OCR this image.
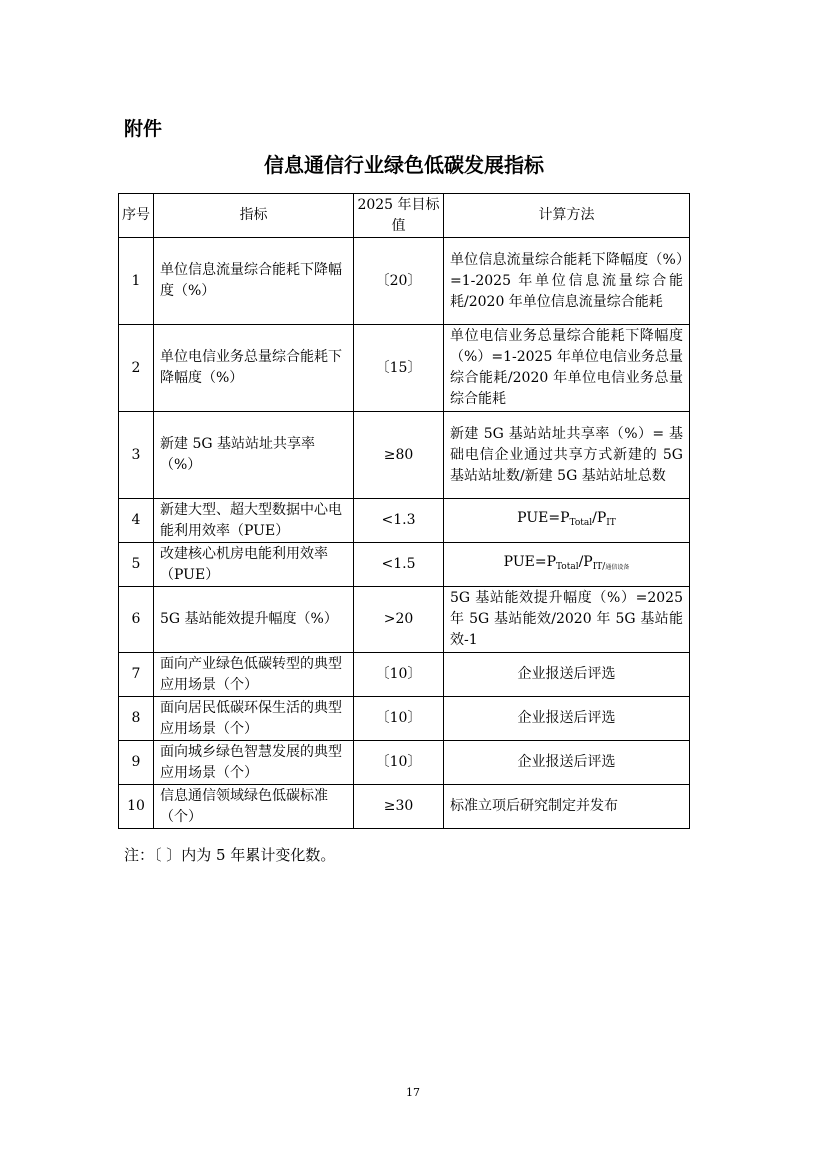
附件
信息通信行业绿色低碳发展指标
序号	指标	2025 年目标值	计算方法
1	单位信息流量综合能耗下降幅度（%）	〔20〕	单位信息流量综合能耗下降幅度（%）=1-2025 年单位信息流量综合能耗/2020 年单位信息流量综合能耗
2	单位电信业务总量综合能耗下降幅度（%）	〔15〕	单位电信业务总量综合能耗下降幅度（%）=1-2025 年单位电信业务总量综合能耗/2020 年单位电信业务总量综合能耗
3	新建 5G 基站站址共享率（%）	≥80	新建 5G 基站站址共享率（%）= 基础电信企业通过共享方式新建的 5G 基站站址数/新建 5G 基站站址总数
4	新建大型、超大型数据中心电能利用效率（PUE）	<1.3	$PUE=P_{Total}/P_{IT}$
5	改建核心机房电能利用效率（PUE）	<1.5	$PUE=P_{Total}/P_{IT/通信设备}$
6	5G 基站能效提升幅度（%）	>20	5G 基站能效提升幅度（%）=2025 年 5G 基站能效/2020 年 5G 基站能效-1
7	面向产业绿色低碳转型的典型应用场景（个）	〔10〕	企业报送后评选
8	面向居民低碳环保生活的典型应用场景（个）	〔10〕	企业报送后评选
9	面向城乡绿色智慧发展的典型应用场景（个）	〔10〕	企业报送后评选
10	信息通信领域绿色低碳标准（个）	≥30	标准立项后研究制定并发布
注：〔 〕内为 5 年累计变化数。
17
